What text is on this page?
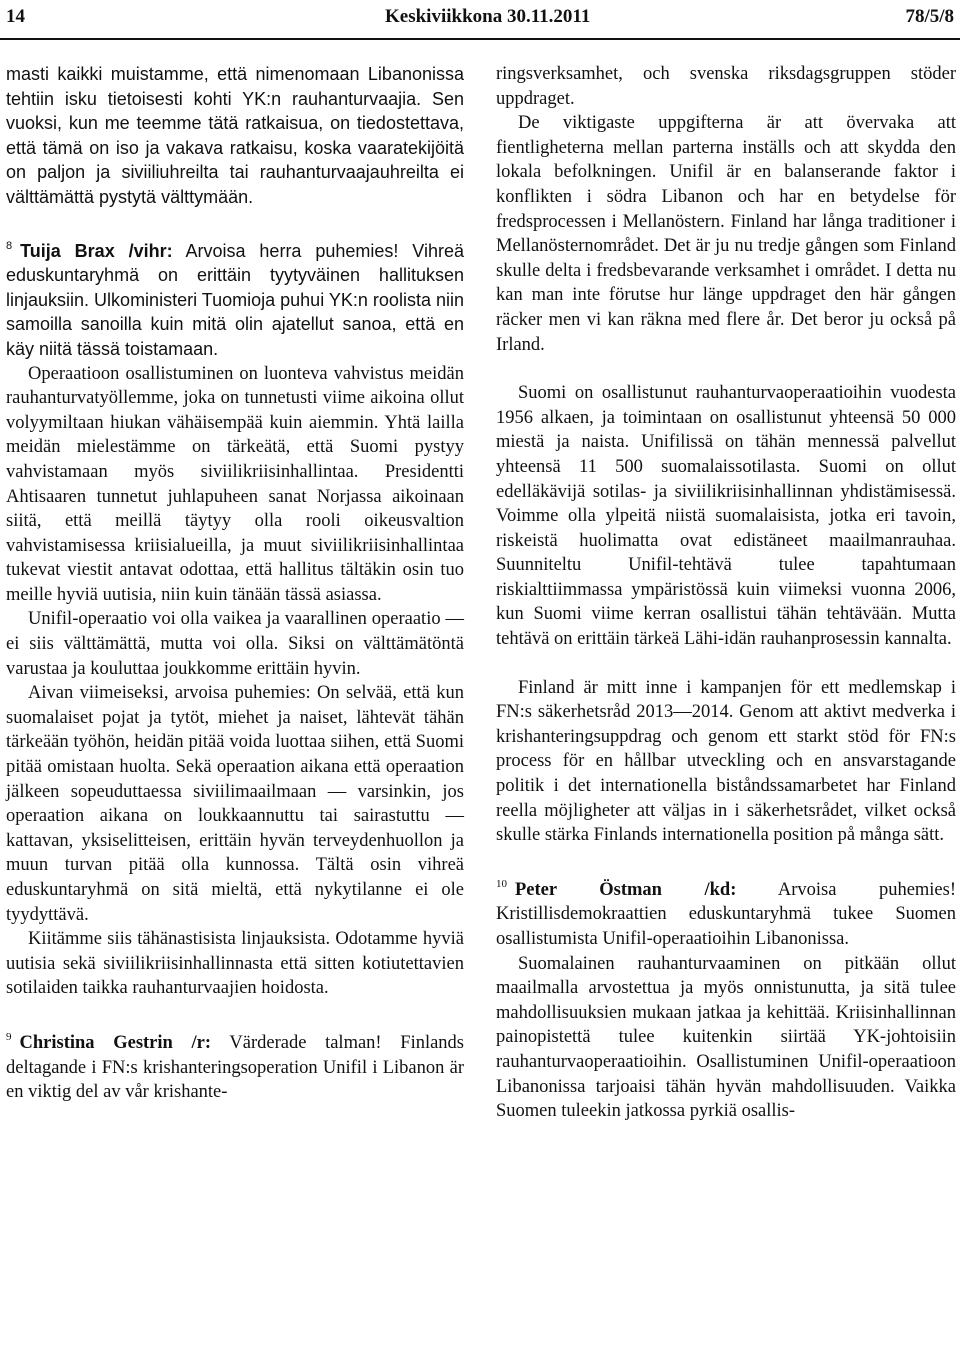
14	Keskiviikkona 30.11.2011	78/5/8

masti kaikki muistamme, että nimenomaan Libanonissa tehtiin isku tietoisesti kohti YK:n rauhanturvaajia. Sen vuoksi, kun me teemme tätä ratkaisua, on tiedostettava, että tämä on iso ja vakava ratkaisu, koska vaaratekijöitä on paljon ja siviiliuhreilta tai rauhanturvaajauhreilta ei välttämättä pystytä välttymään.

$^8$ Tuija Brax /vihr: Arvoisa herra puhemies! Vihreä eduskuntaryhmä on erittäin tyytyväinen hallituksen linjauksiin. Ulkoministeri Tuomioja puhui YK:n roolista niin samoilla sanoilla kuin mitä olin ajatellut sanoa, että en käy niitä tässä toistamaan.

Operaatioon osallistuminen on luonteva vahvistus meidän rauhanturvatyöllemme, joka on tunnetusti viime aikoina ollut volyymiltaan hiukan vähäisempää kuin aiemmin. Yhtä lailla meidän mielestämme on tärkeätä, että Suomi pystyy vahvistamaan myös siviilikriisinhallintaa. Presidentti Ahtisaaren tunnetut juhlapuheen sanat Norjassa aikoinaan siitä, että meillä täytyy olla rooli oikeusvaltion vahvistamisessa kriisialueilla, ja muut siviilikriisinhallintaa tukevat viestit antavat odottaa, että hallitus tältäkin osin tuo meille hyviä uutisia, niin kuin tänään tässä asiassa.

Unifil-operaatio voi olla vaikea ja vaarallinen operaatio — ei siis välttämättä, mutta voi olla. Siksi on välttämätöntä varustaa ja kouluttaa joukkomme erittäin hyvin.

Aivan viimeiseksi, arvoisa puhemies: On selvää, että kun suomalaiset pojat ja tytöt, miehet ja naiset, lähtevät tähän tärkeään työhön, heidän pitää voida luottaa siihen, että Suomi pitää omistaan huolta. Sekä operaation aikana että operaation jälkeen sopeuduttaessa siviilimaailmaan — varsinkin, jos operaation aikana on loukkaannuttu tai sairastuttu — kattavan, yksiselitteisen, erittäin hyvän terveydenhuollon ja muun turvan pitää olla kunnossa. Tältä osin vihreä eduskuntaryhmä on sitä mieltä, että nykytilanne ei ole tyydyttävä.

Kiitämme siis tähänastisista linjauksista. Odotamme hyviä uutisia sekä siviilikriisinhallinnasta että sitten kotiutettavien sotilaiden taikka rauhanturvaajien hoidosta.

$^9$ Christina Gestrin /r: Värderade talman! Finlands deltagande i FN:s krishanteringsoperation Unifil i Libanon är en viktig del av vår krishante-

ringsverksamhet, och svenska riksdagsgruppen stöder uppdraget.

De viktigaste uppgifterna är att övervaka att fientligheterna mellan parterna inställs och att skydda den lokala befolkningen. Unifil är en balanserande faktor i konflikten i södra Libanon och har en betydelse för fredsprocessen i Mellanöstern. Finland har långa traditioner i Mellanösternområdet. Det är ju nu tredje gången som Finland skulle delta i fredsbevarande verksamhet i området. I detta nu kan man inte förutse hur länge uppdraget den här gången räcker men vi kan räkna med flere år. Det beror ju också på Irland.

Suomi on osallistunut rauhanturvaoperaatioihin vuodesta 1956 alkaen, ja toimintaan on osallistunut yhteensä 50 000 miestä ja naista. Unifilissä on tähän mennessä palvellut yhteensä 11 500 suomalaissotilasta. Suomi on ollut edelläkävijä sotilas- ja siviilikriisinhallinnan yhdistämisessä. Voimme olla ylpeitä niistä suomalaisista, jotka eri tavoin, riskeistä huolimatta ovat edistäneet maailmanrauhaa. Suunniteltu Unifil-tehtävä tulee tapahtumaan riskialttiimmassa ympäristössä kuin viimeksi vuonna 2006, kun Suomi viime kerran osallistui tähän tehtävään. Mutta tehtävä on erittäin tärkeä Lähi-idän rauhanprosessin kannalta.

Finland är mitt inne i kampanjen för ett medlemskap i FN:s säkerhetsråd 2013—2014. Genom att aktivt medverka i krishanteringsuppdrag och genom ett starkt stöd för FN:s process för en hållbar utveckling och en ansvarstagande politik i det internationella biståndssamarbetet har Finland reella möjligheter att väljas in i säkerhetsrådet, vilket också skulle stärka Finlands internationella position på många sätt.

$^{10}$ Peter Östman /kd: Arvoisa puhemies! Kristillisdemokraattien eduskuntaryhmä tukee Suomen osallistumista Unifil-operaatioihin Libanonissa.

Suomalainen rauhanturvaaminen on pitkään ollut maailmalla arvostettua ja myös onnistunutta, ja sitä tulee mahdollisuuksien mukaan jatkaa ja kehittää. Kriisinhallinnan painopistettä tulee kuitenkin siirtää YK-johtoisiin rauhanturvaoperaatioihin. Osallistuminen Unifil-operaatioon Libanonissa tarjoaisi tähän hyvän mahdollisuuden. Vaikka Suomen tuleekin jatkossa pyrkiä osallis-
